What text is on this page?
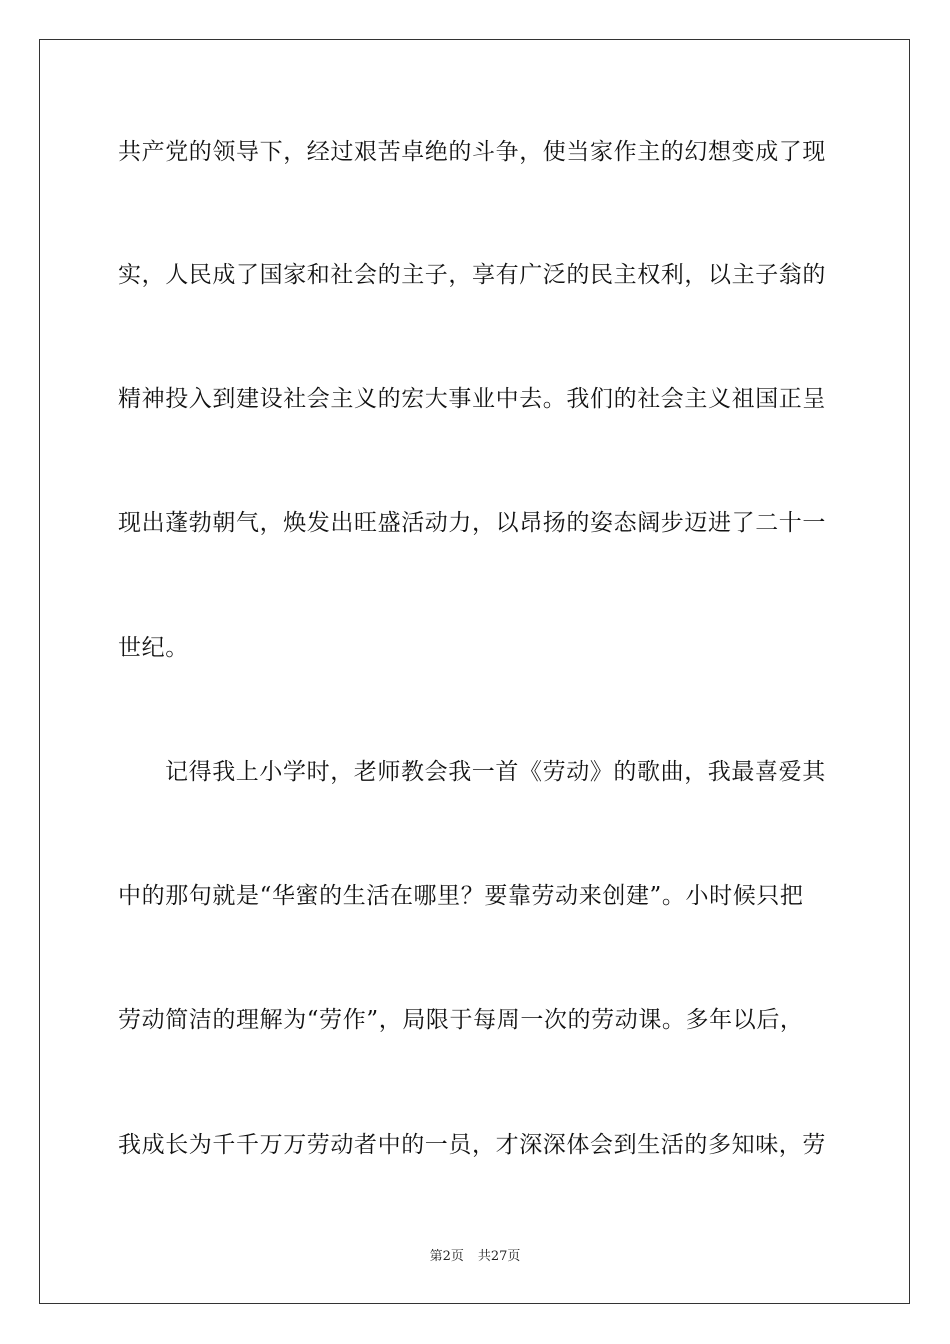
共产党的领导下，经过艰苦卓绝的斗争，使当家作主的幻想变成了现
实，人民成了国家和社会的主子，享有广泛的民主权利，以主子翁的
精神投入到建设社会主义的宏大事业中去。我们的社会主义祖国正呈
现出蓬勃朝气，焕发出旺盛活动力，以昂扬的姿态阔步迈进了二十一
世纪。
记得我上小学时，老师教会我一首《劳动》的歌曲，我最喜爱其
中的那句就是“华蜜的生活在哪里？要靠劳动来创建”。小时候只把
劳动简洁的理解为“劳作”，局限于每周一次的劳动课。多年以后，
我成长为千千万万劳动者中的一员，才深深体会到生活的多知味，劳
第2页 共27页
